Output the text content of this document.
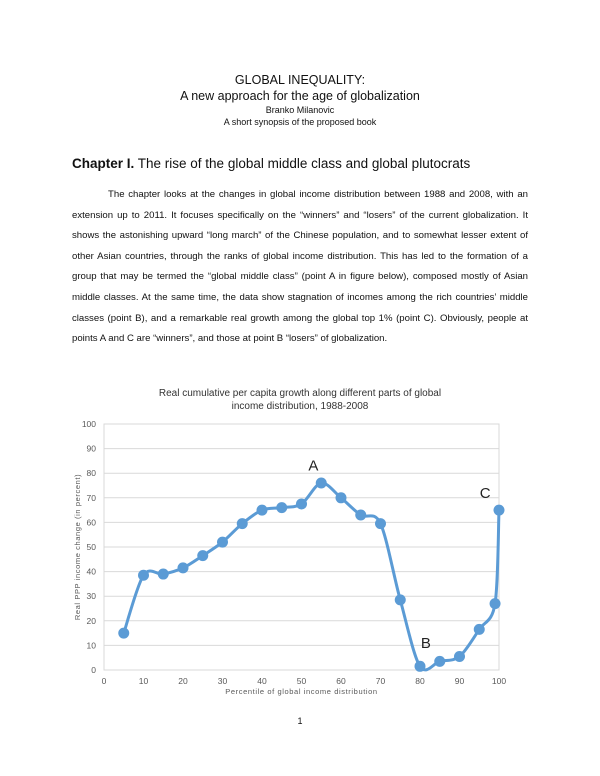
GLOBAL INEQUALITY:
A new approach for the age of globalization
Branko Milanovic
A short synopsis of the proposed book
Chapter I. The rise of the global middle class and global plutocrats
The chapter looks at the changes in global income distribution between 1988 and 2008, with an extension up to 2011. It focuses specifically on the “winners” and “losers” of the current globalization. It shows the astonishing upward “long march” of the Chinese population, and to somewhat lesser extent of other Asian countries, through the ranks of global income distribution. This has led to the formation of a group that may be termed the “global middle class” (point A in figure below), composed mostly of Asian middle classes. At the same time, the data show stagnation of incomes among the rich countries’ middle classes (point B), and a remarkable real growth among the global top 1% (point C). Obviously, people at points A and C are “winners”, and those at point B “losers” of globalization.
Real cumulative per capita growth along different parts of global
income distribution, 1988-2008
0
10
20
30
40
50
60
70
80
90
100
0	10	20	30	40	50	60	70	80	90	100
Percentile of global income distribution
Real PPP income change (in percent)
A
B
C
1
